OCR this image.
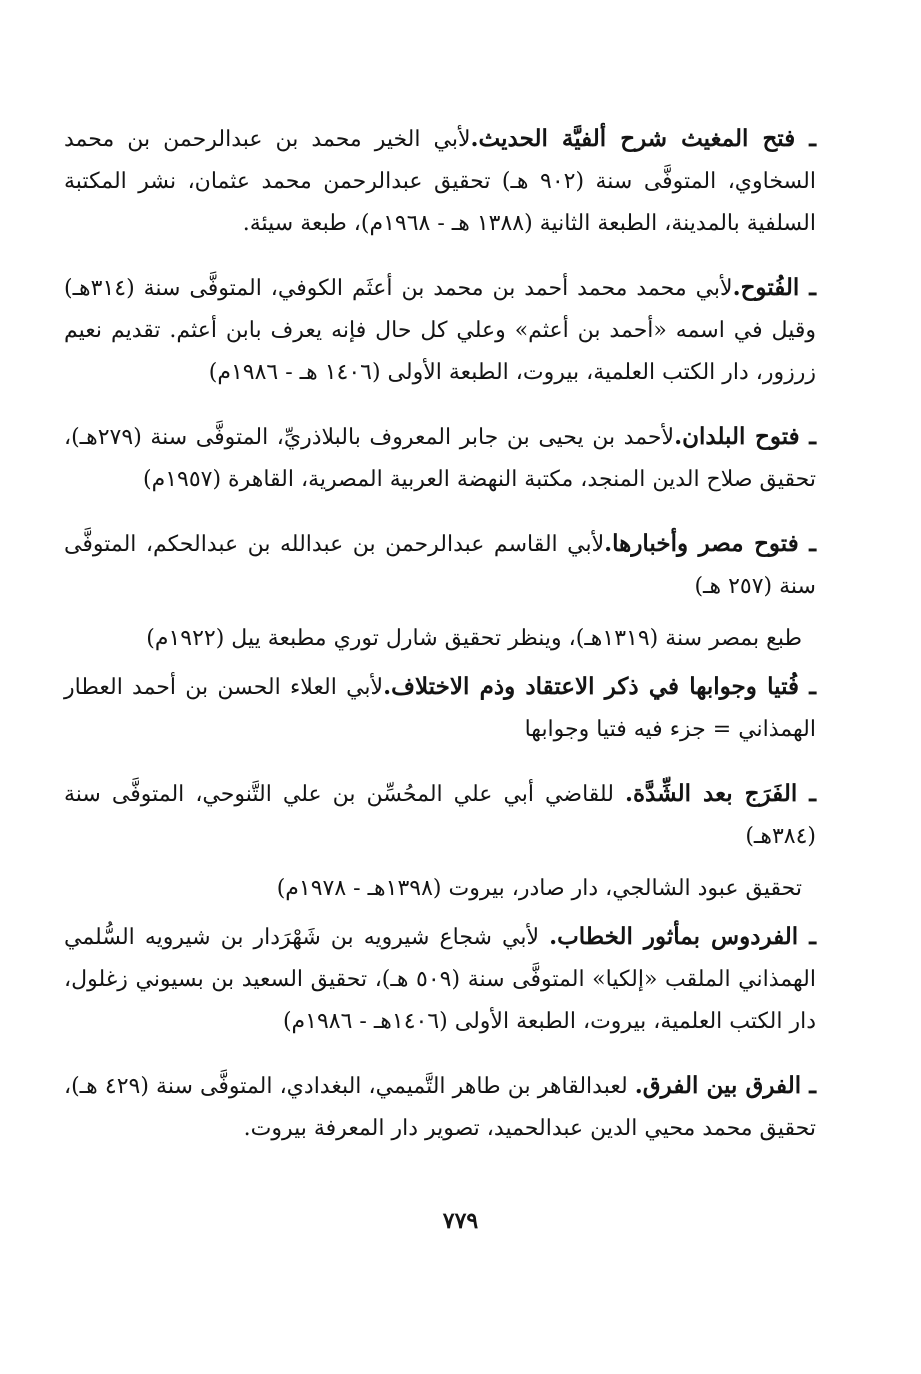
ـ فتح المغيث شرح ألفيَّة الحديث.لأبي الخير محمد بن عبدالرحمن بن محمد السخاوي، المتوفَّى سنة (٩٠٢ هـ) تحقيق عبدالرحمن محمد عثمان، نشر المكتبة السلفية بالمدينة، الطبعة الثانية (١٣٨٨ هـ - ١٩٦٨م)، طبعة سيئة.

ـ الفُتوح.لأبي محمد محمد أحمد بن محمد بن أعثَم الكوفي، المتوفَّى سنة (٣١٤هـ) وقيل في اسمه «أحمد بن أعثم» وعلي كل حال فإنه يعرف بابن أعثم. تقديم نعيم زرزور، دار الكتب العلمية، بيروت، الطبعة الأولى (١٤٠٦ هـ - ١٩٨٦م)

ـ فتوح البلدان.لأحمد بن يحيى بن جابر المعروف بالبلاذريِّ، المتوفَّى سنة (٢٧٩هـ)، تحقيق صلاح الدين المنجد، مكتبة النهضة العربية المصرية، القاهرة (١٩٥٧م)

ـ فتوح مصر وأخبارها.لأبي القاسم عبدالرحمن بن عبدالله بن عبدالحكم، المتوفَّى سنة (٢٥٧ هـ)

طبع بمصر سنة (١٣١٩هـ)، وينظر تحقيق شارل توري مطبعة ييل (١٩٢٢م)

ـ فُتيا وجوابها في ذكر الاعتقاد وذم الاختلاف.لأبي العلاء الحسن بن أحمد العطار الهمذاني = جزء فيه فتيا وجوابها

ـ الفَرَج بعد الشِّدَّة. للقاضي أبي علي المحُسِّن بن علي التَّنوحي، المتوفَّى سنة (٣٨٤هـ)

تحقيق عبود الشالجي، دار صادر، بيروت (١٣٩٨هـ - ١٩٧٨م)

ـ الفردوس بمأثور الخطاب. لأبي شجاع شيرويه بن شَهْرَدار بن شيرويه السُّلمي الهمذاني الملقب «إلكيا» المتوفَّى سنة (٥٠٩ هـ)، تحقيق السعيد بن بسيوني زغلول، دار الكتب العلمية، بيروت، الطبعة الأولى (١٤٠٦هـ - ١٩٨٦م)

ـ الفرق بين الفرق. لعبدالقاهر بن طاهر التَّميمي، البغدادي، المتوفَّى سنة (٤٢٩ هـ)، تحقيق محمد محيي الدين عبدالحميد، تصوير دار المعرفة بيروت.

٧٧٩
